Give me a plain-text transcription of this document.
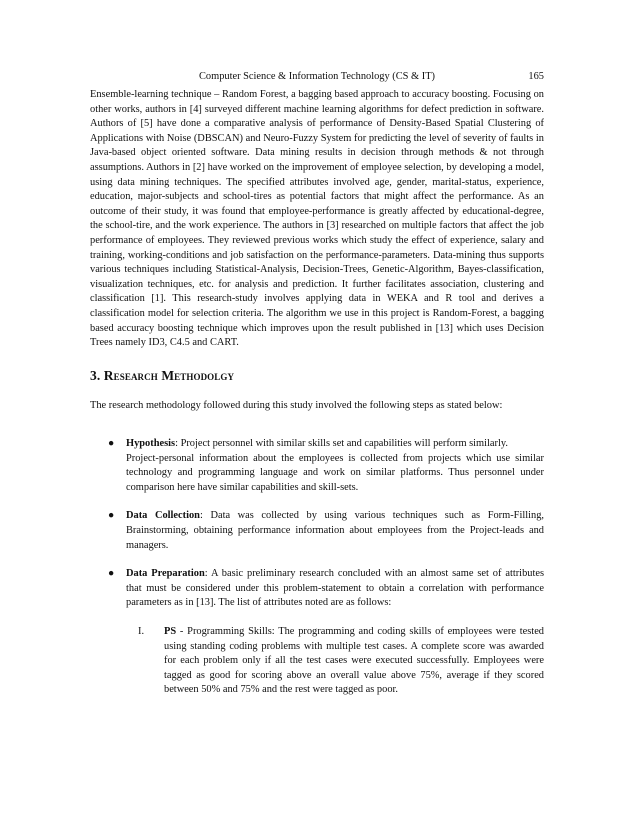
Computer Science & Information Technology (CS & IT)	165

Ensemble-learning technique – Random Forest, a bagging based approach to accuracy boosting. Focusing on other works, authors in [4] surveyed different machine learning algorithms for defect prediction in software. Authors of [5] have done a comparative analysis of performance of Density-Based Spatial Clustering of Applications with Noise (DBSCAN) and Neuro-Fuzzy System for predicting the level of severity of faults in Java-based object oriented software. Data mining results in decision through methods & not through assumptions. Authors in [2] have worked on the improvement of employee selection, by developing a model, using data mining techniques. The specified attributes involved age, gender, marital-status, experience, education, major-subjects and school-tires as potential factors that might affect the performance. As an outcome of their study, it was found that employee-performance is greatly affected by educational-degree, the school-tire, and the work experience. The authors in [3] researched on multiple factors that affect the job performance of employees. They reviewed previous works which study the effect of experience, salary and training, working-conditions and job satisfaction on the performance-parameters. Data-mining thus supports various techniques including Statistical-Analysis, Decision-Trees, Genetic-Algorithm, Bayes-classification, visualization techniques, etc. for analysis and prediction. It further facilitates association, clustering and classification [1]. This research-study involves applying data in WEKA and R tool and derives a classification model for selection criteria. The algorithm we use in this project is Random-Forest, a bagging based accuracy boosting technique which improves upon the result published in [13] which uses Decision Trees namely ID3, C4.5 and CART.

3. Research Methodolgy

The research methodology followed during this study involved the following steps as stated below:

● Hypothesis: Project personnel with similar skills set and capabilities will perform similarly.

Project-personal information about the employees is collected from projects which use similar technology and programming language and work on similar platforms. Thus personnel under comparison here have similar capabilities and skill-sets.

● Data Collection: Data was collected by using various techniques such as Form-Filling, Brainstorming, obtaining performance information about employees from the Project-leads and managers.

● Data Preparation: A basic preliminary research concluded with an almost same set of attributes that must be considered under this problem-statement to obtain a correlation with performance parameters as in [13]. The list of attributes noted are as follows:

I. PS - Programming Skills: The programming and coding skills of employees were tested using standing coding problems with multiple test cases. A complete score was awarded for each problem only if all the test cases were executed successfully. Employees were tagged as good for scoring above an overall value above 75%, average if they scored between 50% and 75% and the rest were tagged as poor.
